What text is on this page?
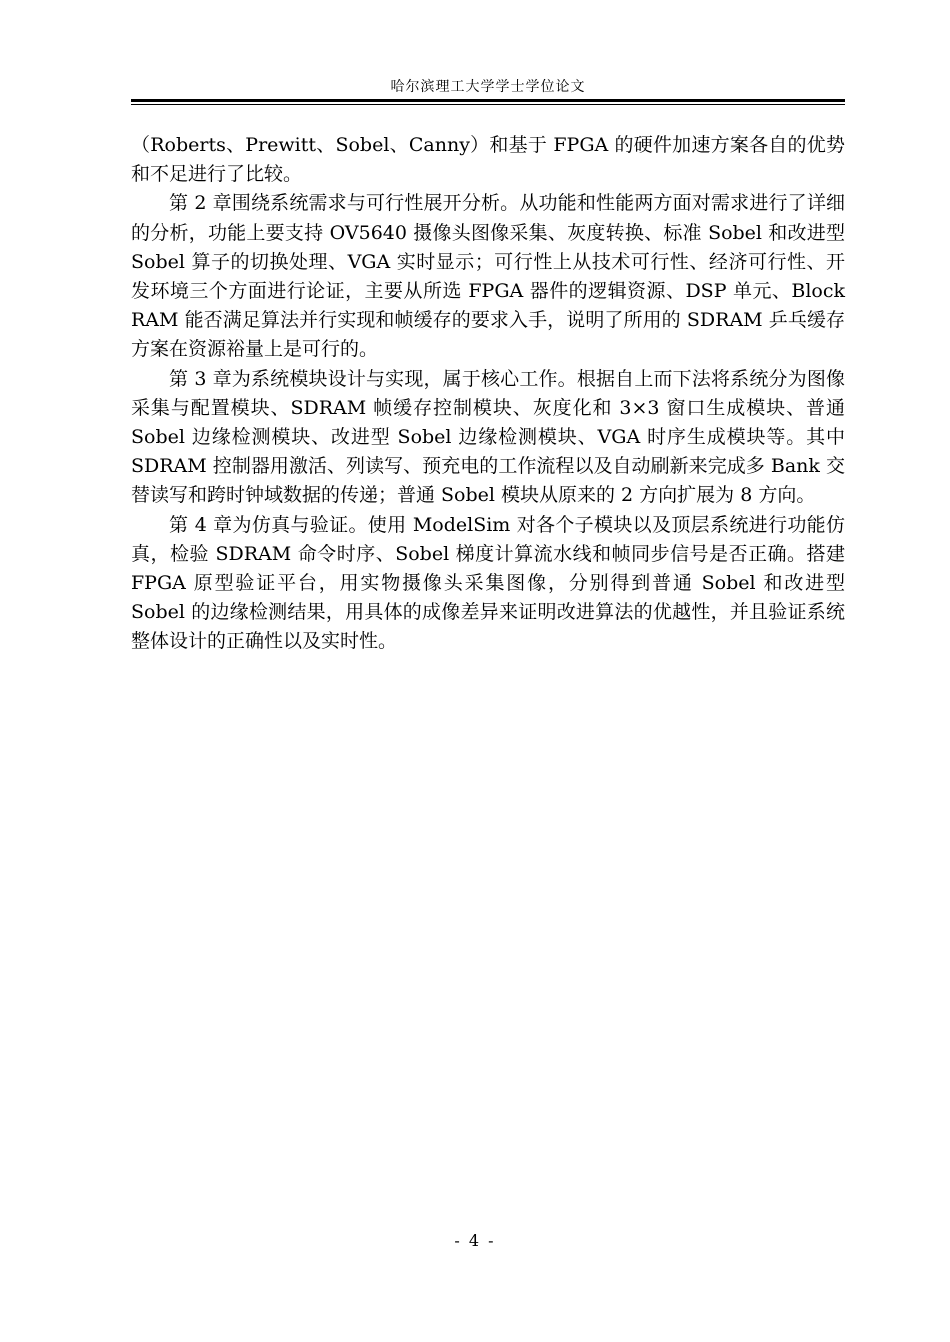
哈尔滨理工大学学士学位论文

（Roberts、Prewitt、Sobel、Canny）和基于 FPGA 的硬件加速方案各自的优势和不足进行了比较。

第 2 章围绕系统需求与可行性展开分析。从功能和性能两方面对需求进行了详细的分析，功能上要支持 OV5640 摄像头图像采集、灰度转换、标准 Sobel 和改进型 Sobel 算子的切换处理、VGA 实时显示；可行性上从技术可行性、经济可行性、开发环境三个方面进行论证，主要从所选 FPGA 器件的逻辑资源、DSP 单元、Block RAM 能否满足算法并行实现和帧缓存的要求入手，说明了所用的 SDRAM 乒乓缓存方案在资源裕量上是可行的。

第 3 章为系统模块设计与实现，属于核心工作。根据自上而下法将系统分为图像采集与配置模块、SDRAM 帧缓存控制模块、灰度化和 3×3 窗口生成模块、普通 Sobel 边缘检测模块、改进型 Sobel 边缘检测模块、VGA 时序生成模块等。其中 SDRAM 控制器用激活、列读写、预充电的工作流程以及自动刷新来完成多 Bank 交替读写和跨时钟域数据的传递；普通 Sobel 模块从原来的 2 方向扩展为 8 方向。

第 4 章为仿真与验证。使用 ModelSim 对各个子模块以及顶层系统进行功能仿真，检验 SDRAM 命令时序、Sobel 梯度计算流水线和帧同步信号是否正确。搭建 FPGA 原型验证平台，用实物摄像头采集图像，分别得到普通 Sobel 和改进型 Sobel 的边缘检测结果，用具体的成像差异来证明改进算法的优越性，并且验证系统整体设计的正确性以及实时性。

- 4 -
